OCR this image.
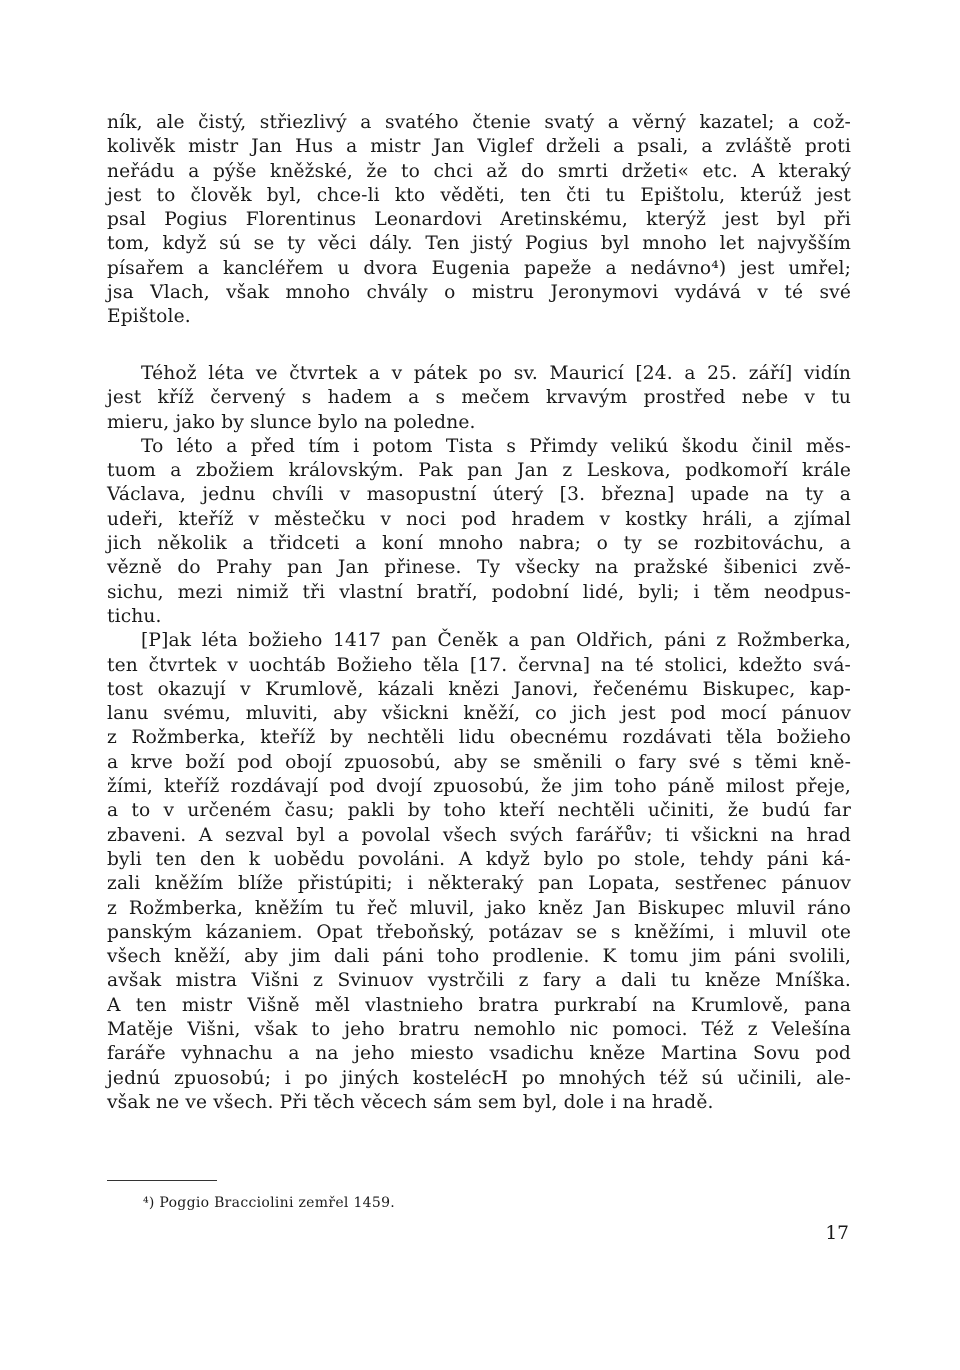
ník, ale čistý, střiezlivý a svatého čtenie svatý a věrný kazatel; a což-
kolivěk mistr Jan Hus a mistr Jan Viglef drželi a psali, a zvláště proti
neřádu a pýše kněžské, že to chci až do smrti držeti« etc. A kteraký
jest to člověk byl, chce-li kto věděti, ten čti tu Epištolu, kterúž jest
psal Pogius Florentinus Leonardovi Aretinskému, kterýž jest byl při
tom, když sú se ty věci dály. Ten jistý Pogius byl mnoho let najvyšším
písařem a kancléřem u dvora Eugenia papeže a nedávno⁴) jest umřel;
jsa Vlach, však mnoho chvály o mistru Jeronymovi vydává v té své
Epištole.
Téhož léta ve čtvrtek a v pátek po sv. Mauricí [24. a 25. září] vidín
jest kříž červený s hadem a s mečem krvavým prostřed nebe v tu
mieru, jako by slunce bylo na poledne.
To léto a před tím i potom Tista s Přimdy velikú škodu činil měs-
tuom a zbožiem královským. Pak pan Jan z Leskova, podkomoří krále
Václava, jednu chvíli v masopustní úterý [3. března] upade na ty a
udeři, kteříž v městečku v noci pod hradem v kostky hráli, a zjímal
jich několik a třidceti a koní mnoho nabra; o ty se rozbitováchu, a
vězně do Prahy pan Jan přinese. Ty všecky na pražské šibenici zvě-
sichu, mezi nimiž tři vlastní bratří, podobní lidé, byli; i těm neodpus-
tichu.
[P]ak léta božieho 1417 pan Čeněk a pan Oldřich, páni z Rožmberka,
ten čtvrtek v uochtáb Božieho těla [17. června] na té stolici, kdežto svá-
tost okazují v Krumlově, kázali knězi Janovi, řečenému Biskupec, kap-
lanu svému, mluviti, aby všickni kněží, co jich jest pod mocí pánuov
z Rožmberka, kteříž by nechtěli lidu obecnému rozdávati těla božieho
a krve boží pod obojí zpuosobú, aby se směnili o fary své s těmi kně-
žími, kteříž rozdávají pod dvojí zpuosobú, že jim toho páně milost přeje,
a to v určeném času; pakli by toho kteří nechtěli učiniti, že budú far
zbaveni. A sezval byl a povolal všech svých farářův; ti všickni na hrad
byli ten den k uobědu povoláni. A když bylo po stole, tehdy páni ká-
zali kněžím blíže přistúpiti; i některaký pan Lopata, sestřenec pánuov
z Rožmberka, kněžím tu řeč mluvil, jako kněz Jan Biskupec mluvil ráno
panským kázaniem. Opat třeboňský, potázav se s kněžími, i mluvil ote
všech kněží, aby jim dali páni toho prodlenie. K tomu jim páni svolili,
avšak mistra Višni z Svinuov vystrčili z fary a dali tu kněze Mníška.
A ten mistr Višně měl vlastnieho bratra purkrabí na Krumlově, pana
Matěje Višni, však to jeho bratru nemohlo nic pomoci. Též z Velešína
faráře vyhnachu a na jeho miesto vsadichu kněze Martina Sovu pod
jednú zpuosobú; i po jiných kostelécH po mnohých též sú učinili, ale-
však ne ve všech. Při těch věcech sám sem byl, dole i na hradě.
⁴) Poggio Bracciolini zemřel 1459.
17
